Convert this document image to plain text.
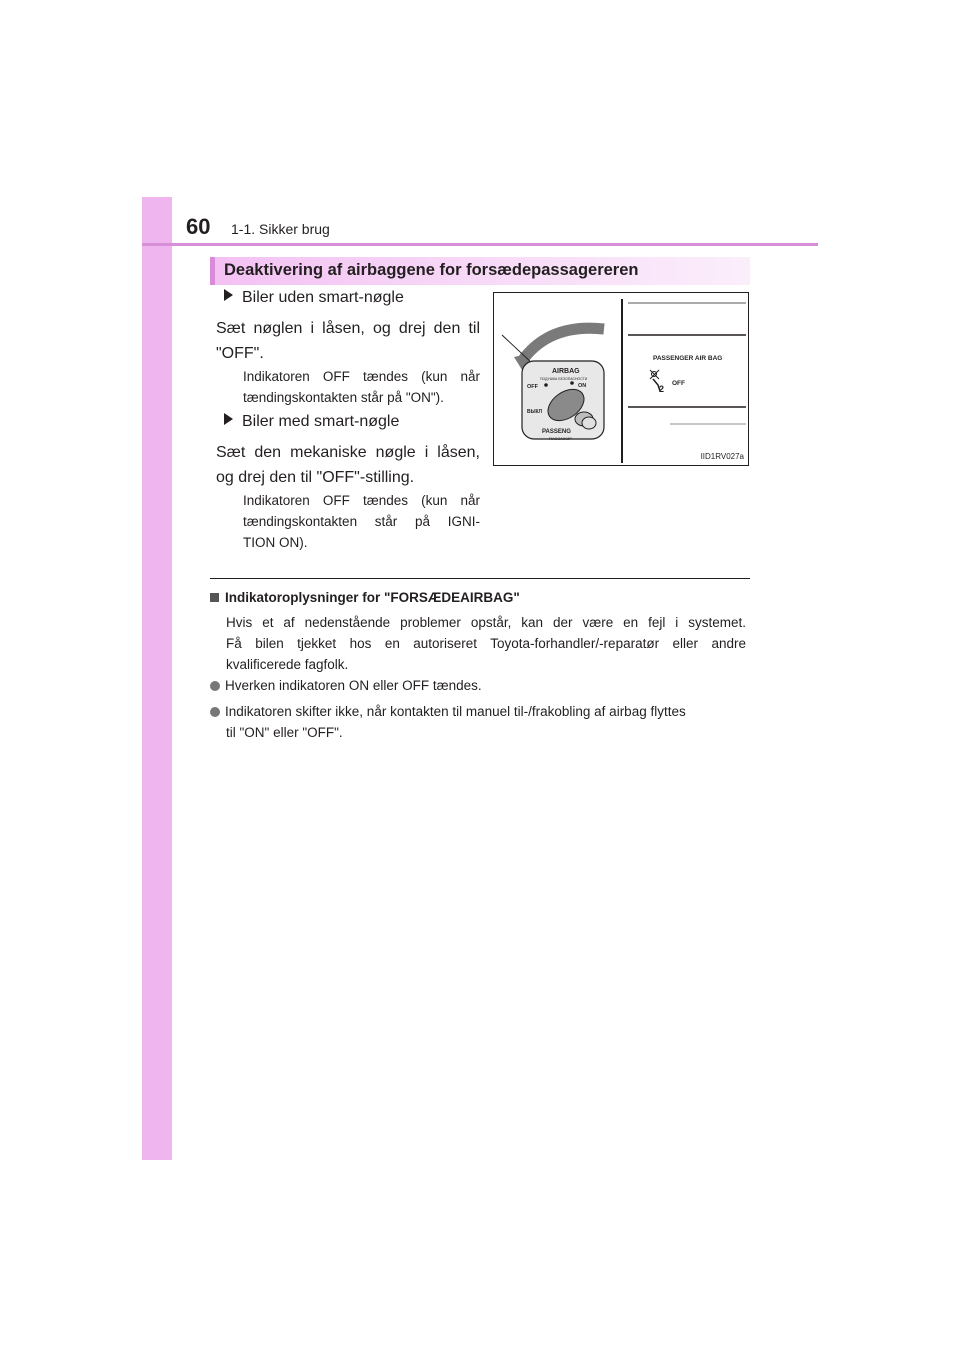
60 1-1. Sikker brug
Deaktivering af airbaggene for forsædepassagereren
Biler uden smart-nøgle
Sæt nøglen i låsen, og drej den til
"OFF".
Indikatoren OFF tændes (kun når
tændingskontakten står på "ON").
Biler med smart-nøgle
Sæt den mekaniske nøgle i låsen,
og drej den til "OFF"-stilling.
Indikatoren OFF tændes (kun når
tændingskontakten står på IGNI-
TION ON).
AIRBAG
ПОДУШКА БЕЗОПАСНОСТИ
OFF	ON
ВЫКЛ
PASSENG
ПАССАЖИР
PASSENGER AIR BAG
2
OFF
IID1RV027a
Indikatoroplysninger for "FORSÆDEAIRBAG"
Hvis et af nedenstående problemer opstår, kan der være en fejl i systemet.
Få bilen tjekket hos en autoriseret Toyota-forhandler/-reparatør eller andre
kvalificerede fagfolk.
Hverken indikatoren ON eller OFF tændes.
Indikatoren skifter ikke, når kontakten til manuel til-/frakobling af airbag flyttes
til "ON" eller "OFF".
